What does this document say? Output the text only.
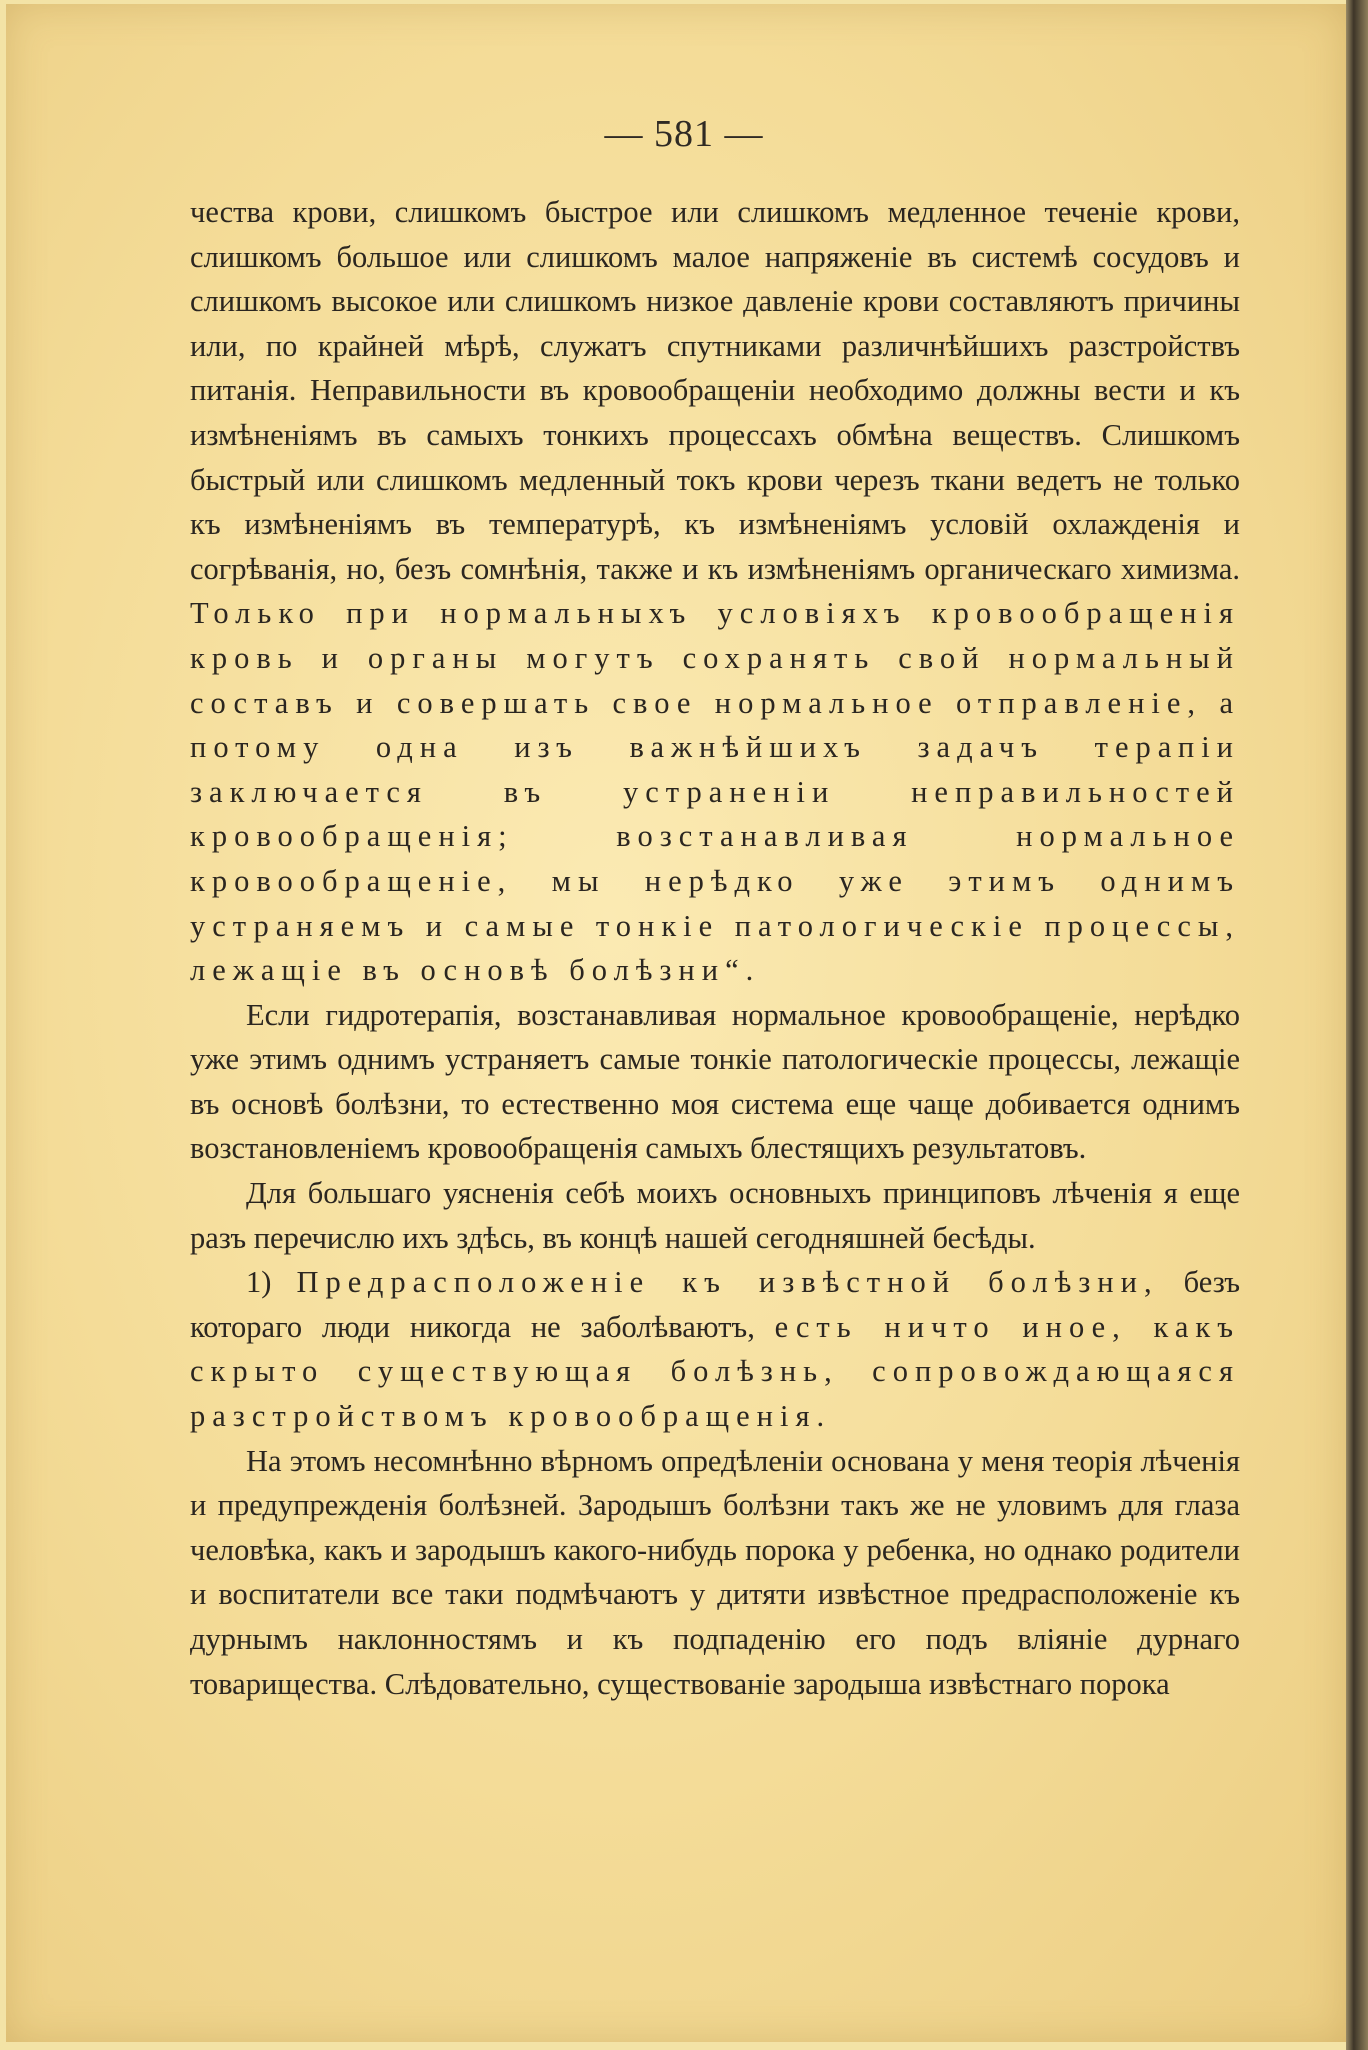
— 581 —

чества крови, слишкомъ быстрое или слишкомъ медленное теченіе крови, слишкомъ большое или слишкомъ малое напряженіе въ системѣ сосудовъ и слишкомъ высокое или слишкомъ низкое давленіе крови составляютъ причины или, по крайней мѣрѣ, служатъ спутниками различнѣйшихъ разстройствъ питанія. Неправильности въ кровообращеніи необходимо должны вести и къ измѣненіямъ въ самыхъ тонкихъ процессахъ обмѣна веществъ. Слишкомъ быстрый или слишкомъ медленный токъ крови черезъ ткани ведетъ не только къ измѣненіямъ въ температурѣ, къ измѣненіямъ условій охлажденія и согрѣванія, но, безъ сомнѣнія, также и къ измѣненіямъ органическаго химизма. Только при нормальныхъ условіяхъ кровообращенія кровь и органы могутъ сохранять свой нормальный составъ и совершать свое нормальное отправленіе, а потому одна изъ важнѣйшихъ задачъ терапіи заключается въ устраненіи неправильностей кровообращенія; возстанавливая нормальное кровообращеніе, мы нерѣдко уже этимъ однимъ устраняемъ и самые тонкіе патологическіе процессы, лежащіе въ основѣ болѣзни“.

Если гидротерапія, возстанавливая нормальное кровообращеніе, нерѣдко уже этимъ однимъ устраняетъ самые тонкіе патологическіе процессы, лежащіе въ основѣ болѣзни, то естественно моя система еще чаще добивается однимъ возстановленіемъ кровообращенія самыхъ блестящихъ результатовъ.

Для большаго уясненія себѣ моихъ основныхъ принциповъ лѣченія я еще разъ перечислю ихъ здѣсь, въ концѣ нашей сегодняшней бесѣды.

1) Предрасположеніе къ извѣстной болѣзни, безъ котораго люди никогда не заболѣваютъ, есть ничто иное, какъ скрыто существующая болѣзнь, сопровождающаяся разстройствомъ кровообращенія.

На этомъ несомнѣнно вѣрномъ опредѣленіи основана у меня теорія лѣченія и предупрежденія болѣзней. Зародышъ болѣзни такъ же не уловимъ для глаза человѣка, какъ и зародышъ какого-нибудь порока у ребенка, но однако родители и воспитатели все таки подмѣчаютъ у дитяти извѣстное предрасположеніе къ дурнымъ наклонностямъ и къ подпаденію его подъ вліяніе дурнаго товарищества. Слѣдовательно, существованіе зародыша извѣстнаго порока
